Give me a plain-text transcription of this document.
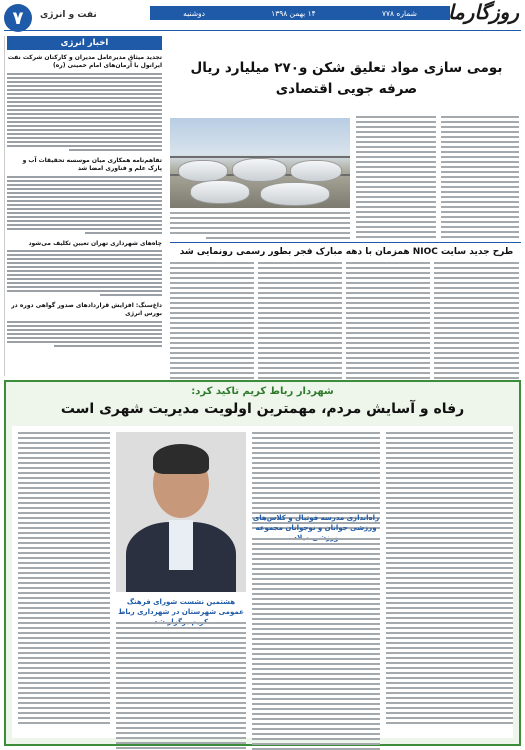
۷	نفت و انرژی	شماره ۷۷۸
۱۴ بهمن ۱۳۹۸
دوشنبه	روزگارما
اخبار انرژی
تجدید میثاق مدیرعامل مدیران و کارکنان شرکت نفت ایرانول با آرمان‌های امام خمینی (ره)
تفاهم‌نامه همکاری میان موسسه تحقیقات آب و پارک علم و فناوری امضا شد
چاه‌های شهرداری تهران تعیین تکلیف می‌شود
داغ‌سنگ: افزایش قراردادهای صدور گواهی دوره در بورس انرژی
بومی سازی مواد تعلیق شکن و۲۷۰ میلیارد ریال صرفه جویی اقتصادی
طرح جدید سایت NIOC همزمان با دهه مبارک فجر بطور رسمی رونمایی شد
شهردار رباط کریم تاکید کرد:
رفاه و آسایش مردم، مهمترین اولویت مدیریت شهری است
هشتمین نشست شورای فرهنگ عمومی شهرستان در شهرداری رباط
راه‌اندازی مدرسه فوتبال و کلاس‌های ورزشی جوانان و نوجوانان مجموعه
